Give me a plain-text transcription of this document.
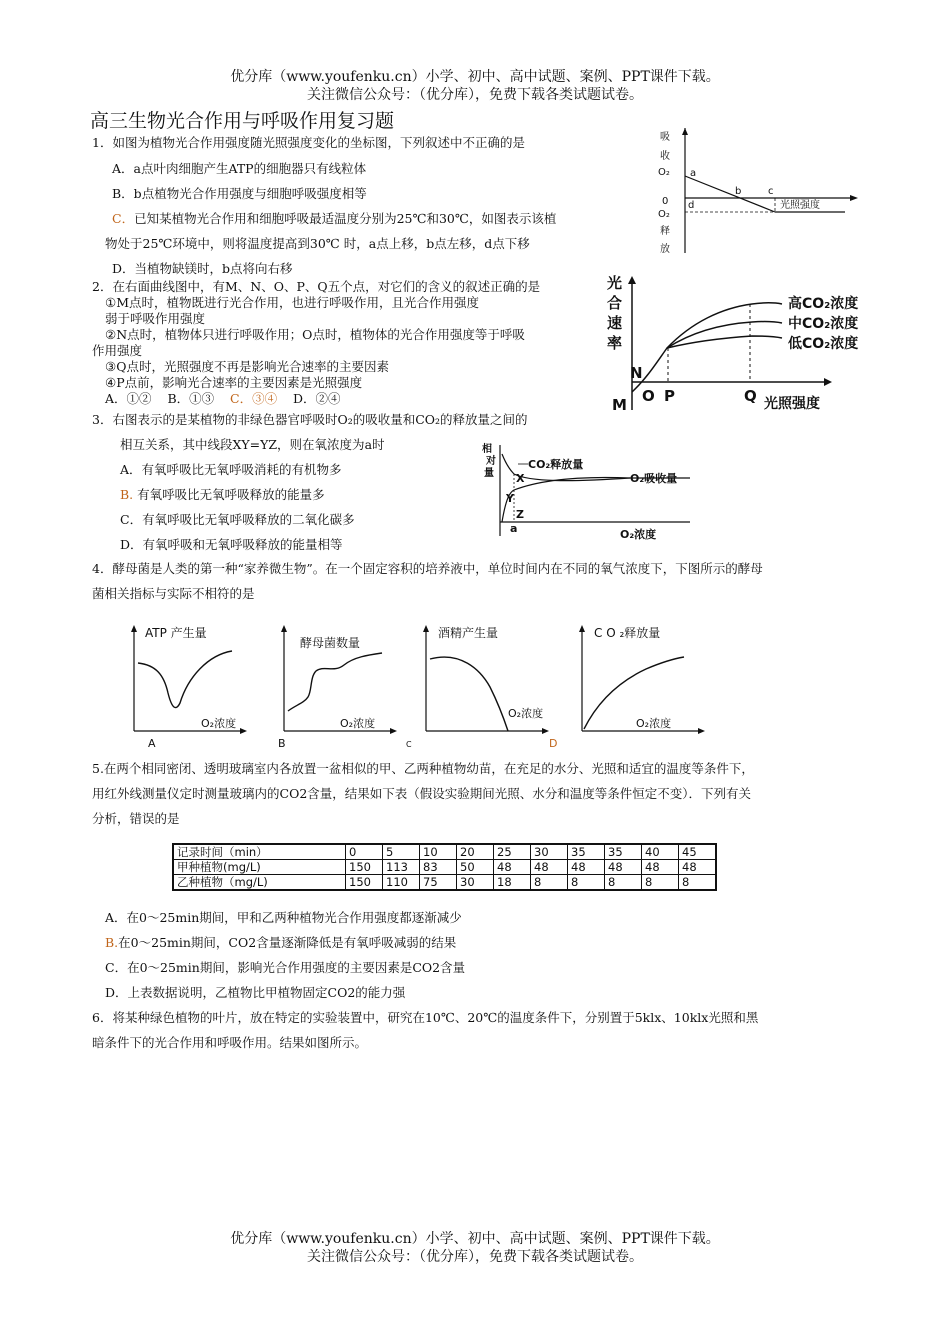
优分库（www.youfenku.cn）小学、初中、高中试题、案例、PPT课件下载。
关注微信公众号：（优分库），免费下载各类试题试卷。
高三生物光合作用与呼吸作用复习题
1．如图为植物光合作用强度随光照强度变化的坐标图，下列叙述中不正确的是
A．a点叶肉细胞产生ATP的细胞器只有线粒体
B．b点植物光合作用强度与细胞呼吸强度相等
C．已知某植物光合作用和细胞呼吸最适温度分别为25℃和30℃，如图表示该植
物处于25℃环境中，则将温度提高到30℃ 时，a点上移，b点左移，d点下移
D．当植物缺镁时，b点将向右移
吸
收
O₂
0
O₂
释
放
光照强度
a
b	c
d
2．在右面曲线图中，有M、N、O、P、Q五个点，对它们的含义的叙述正确的是
①M点时，植物既进行光合作用，也进行呼吸作用，且光合作用强度
弱于呼吸作用强度
②N点时，植物体只进行呼吸作用；O点时，植物体的光合作用强度等于呼吸
作用强度
③Q点时，光照强度不再是影响光合速率的主要因素
④P点前，影响光合速率的主要因素是光照强度
A．①② B．①③ C．③④ D．②④
光
合
速
率
M
N
O P	Q 光照强度
高CO₂浓度
中CO₂浓度
低CO₂浓度
3．右图表示的是某植物的非绿色器官呼吸时O₂的吸收量和CO₂的释放量之间的
相互关系，其中线段XY=YZ，则在氧浓度为a时
A．有氧呼吸比无氧呼吸消耗的有机物多
B. 有氧呼吸比无氧呼吸释放的能量多
C．有氧呼吸比无氧呼吸释放的二氧化碳多
D．有氧呼吸和无氧呼吸释放的能量相等
相
对
量
CO₂释放量
O₂吸收量
O₂浓度
X
Y
Z
a
4．酵母菌是人类的第一种“家养微生物”。在一个固定容积的培养液中，单位时间内在不同的氧气浓度下，下图所示的酵母
菌相关指标与实际不相符的是
ATP 产生量
O₂浓度
A
酵母菌数量
O₂浓度
B
酒精产生量
O₂浓度
C
C O ₂释放量
O₂浓度
D
5.在两个相同密闭、透明玻璃室内各放置一盆相似的甲、乙两种植物幼苗，在充足的水分、光照和适宜的温度等条件下，
用红外线测量仪定时测量玻璃内的CO2含量，结果如下表（假设实验期间光照、水分和温度等条件恒定不变）．下列有关
分析，错误的是
记录时间（min）	0	5	10	20	25	30	35	35	40	45
甲种植物(mg/L)	150	113	83	50	48	48	48	48	48	48
乙种植物（mg/L)	150	110	75	30	18	8	8	8	8	8
A．在0～25min期间，甲和乙两种植物光合作用强度都逐渐减少
B.在0～25min期间，CO2含量逐渐降低是有氧呼吸减弱的结果
C．在0～25min期间，影响光合作用强度的主要因素是CO2含量
D．上表数据说明，乙植物比甲植物固定CO2的能力强
6．将某种绿色植物的叶片，放在特定的实验装置中，研究在10℃、20℃的温度条件下，分别置于5klx、10klx光照和黑
暗条件下的光合作用和呼吸作用。结果如图所示。
优分库（www.youfenku.cn）小学、初中、高中试题、案例、PPT课件下载。
关注微信公众号：（优分库），免费下载各类试题试卷。
